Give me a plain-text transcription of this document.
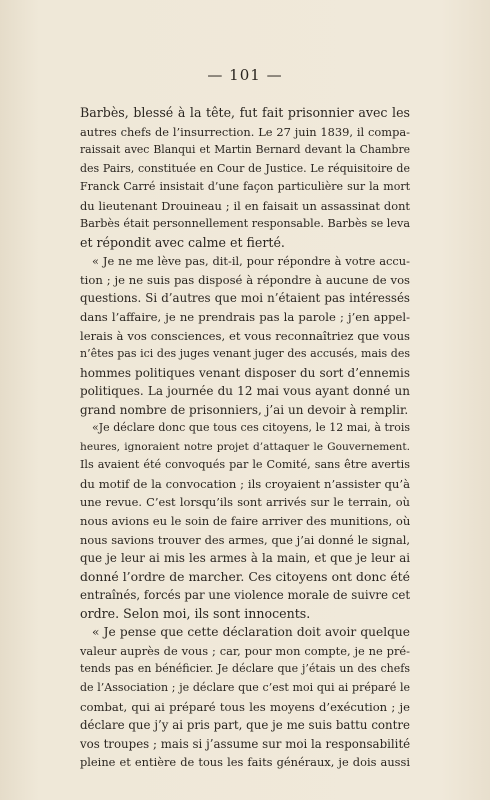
— 101 —
Barbès, blessé à la tête, fut fait prisonnier avec les
autres chefs de l’insurrection. Le 27 juin 1839, il compa-
raissait avec Blanqui et Martin Bernard devant la Chambre
des Pairs, constituée en Cour de Justice. Le réquisitoire de
Franck Carré insistait d’une façon particulière sur la mort
du lieutenant Drouineau ; il en faisait un assassinat dont
Barbès était personnellement responsable. Barbès se leva
et répondit avec calme et fierté.
« Je ne me lève pas, dit-il, pour répondre à votre accu-
tion ; je ne suis pas disposé à répondre à aucune de vos
questions. Si d’autres que moi n’étaient pas intéressés
dans l’affaire, je ne prendrais pas la parole ; j’en appel-
lerais à vos consciences, et vous reconnaîtriez que vous
n’êtes pas ici des juges venant juger des accusés, mais des
hommes politiques venant disposer du sort d’ennemis
politiques. La journée du 12 mai vous ayant donné un
grand nombre de prisonniers, j’ai un devoir à remplir.
«Je déclare donc que tous ces citoyens, le 12 mai, à trois
heures, ignoraient notre projet d’attaquer le Gouvernement.
Ils avaient été convoqués par le Comité, sans être avertis
du motif de la convocation ; ils croyaient n’assister qu’à
une revue. C’est lorsqu’ils sont arrivés sur le terrain, où
nous avions eu le soin de faire arriver des munitions, où
nous savions trouver des armes, que j’ai donné le signal,
que je leur ai mis les armes à la main, et que je leur ai
donné l’ordre de marcher. Ces citoyens ont donc été
entraînés, forcés par une violence morale de suivre cet
ordre. Selon moi, ils sont innocents.
« Je pense que cette déclaration doit avoir quelque
valeur auprès de vous ; car, pour mon compte, je ne pré-
tends pas en bénéficier. Je déclare que j’étais un des chefs
de l’Association ; je déclare que c’est moi qui ai préparé le
combat, qui ai préparé tous les moyens d’exécution ; je
déclare que j’y ai pris part, que je me suis battu contre
vos troupes ; mais si j’assume sur moi la responsabilité
pleine et entière de tous les faits généraux, je dois aussi
